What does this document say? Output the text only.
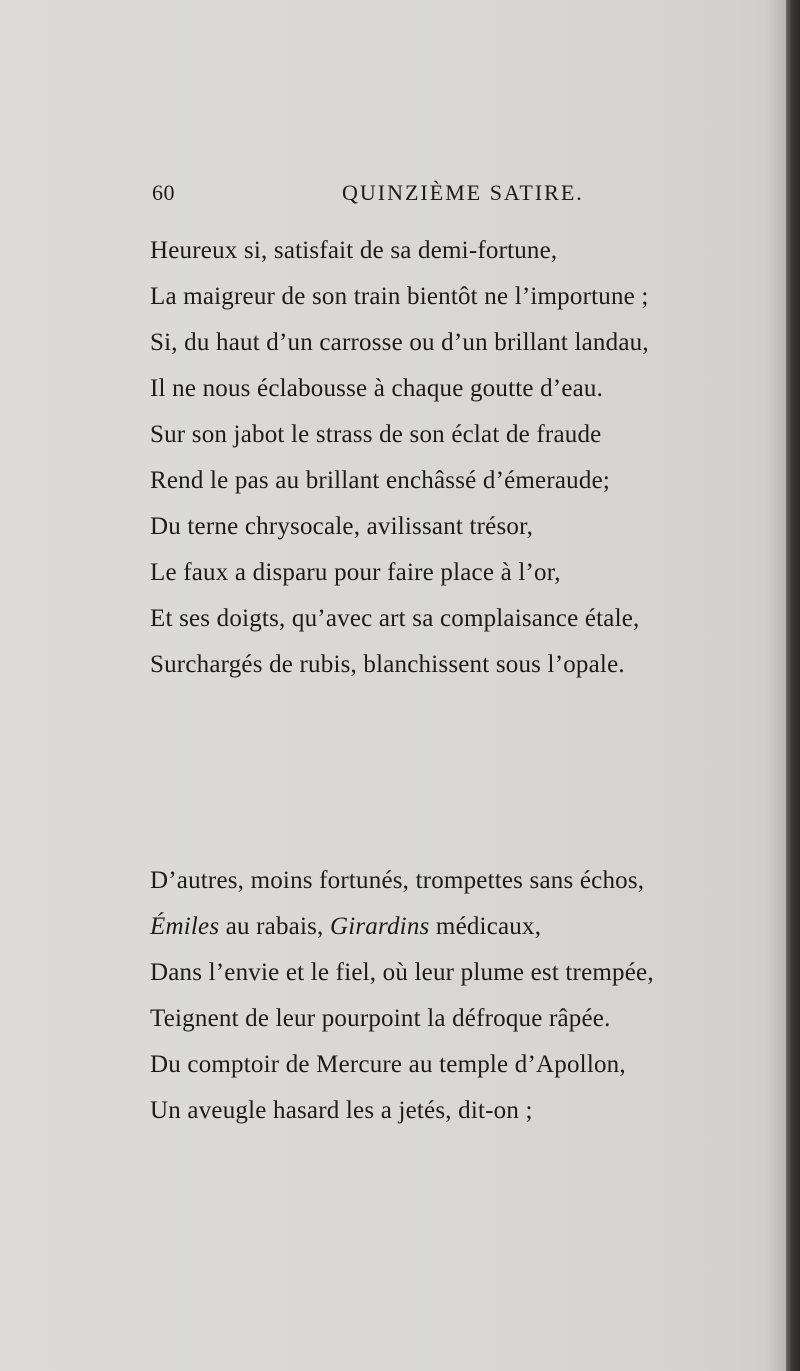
60	QUINZIÈME SATIRE.
Heureux si, satisfait de sa demi-fortune,
La maigreur de son train bientôt ne l’importune ;
Si, du haut d’un carrosse ou d’un brillant landau,
Il ne nous éclabousse à chaque goutte d’eau.
Sur son jabot le strass de son éclat de fraude
Rend le pas au brillant enchâssé d’émeraude;
Du terne chrysocale, avilissant trésor,
Le faux a disparu pour faire place à l’or,
Et ses doigts, qu’avec art sa complaisance étale,
Surchargés de rubis, blanchissent sous l’opale.
D’autres, moins fortunés, trompettes sans échos,
Émiles au rabais, Girardins médicaux,
Dans l’envie et le fiel, où leur plume est trempée,
Teignent de leur pourpoint la défroque râpée.
Du comptoir de Mercure au temple d’Apollon,
Un aveugle hasard les a jetés, dit-on ;
